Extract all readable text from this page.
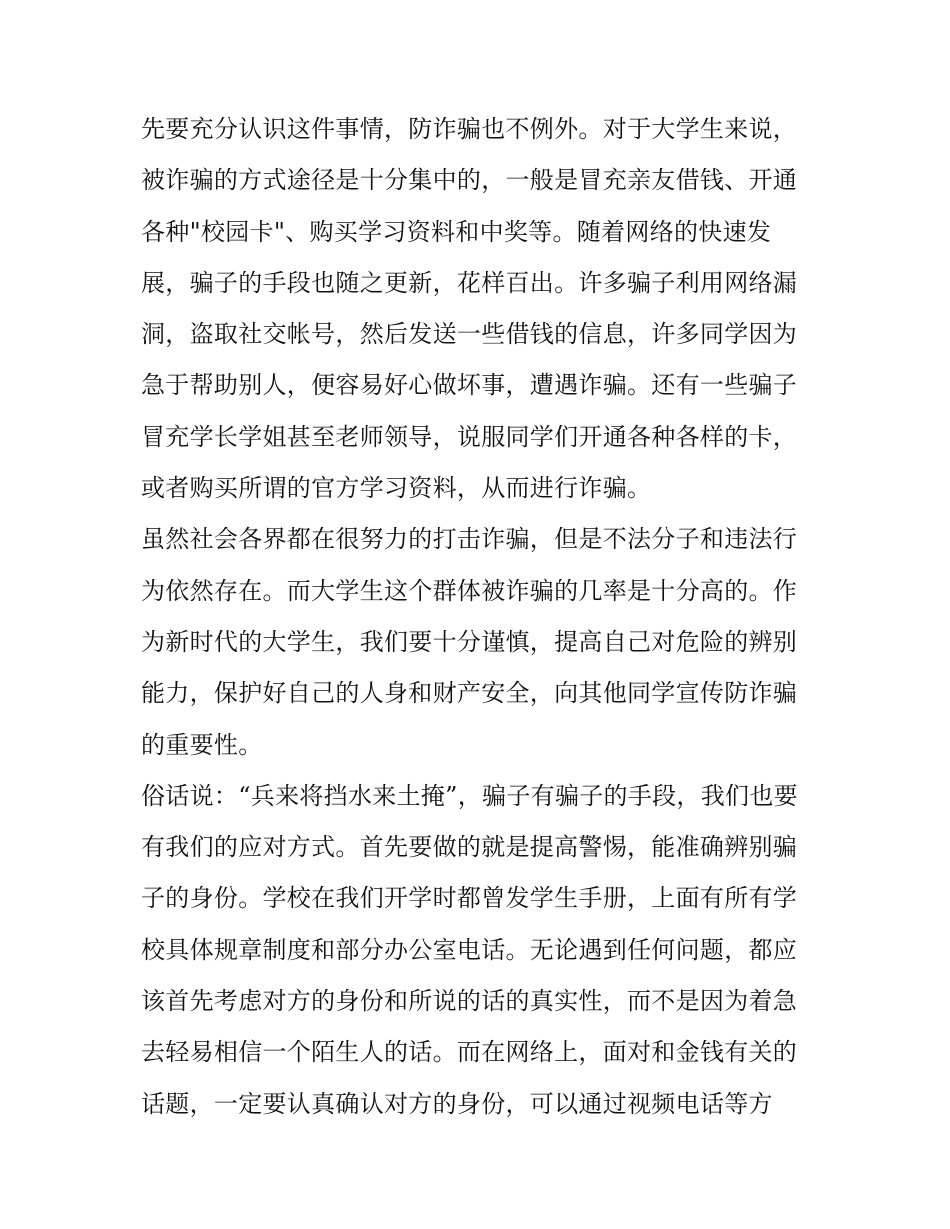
先要充分认识这件事情，防诈骗也不例外。对于大学生来说，
被诈骗的方式途径是十分集中的，一般是冒充亲友借钱、开通
各种"校园卡"、购买学习资料和中奖等。随着网络的快速发
展，骗子的手段也随之更新，花样百出。许多骗子利用网络漏
洞，盗取社交帐号，然后发送一些借钱的信息，许多同学因为
急于帮助别人，便容易好心做坏事，遭遇诈骗。还有一些骗子
冒充学长学姐甚至老师领导，说服同学们开通各种各样的卡，
或者购买所谓的官方学习资料，从而进行诈骗。
虽然社会各界都在很努力的打击诈骗，但是不法分子和违法行
为依然存在。而大学生这个群体被诈骗的几率是十分高的。作
为新时代的大学生，我们要十分谨慎，提高自己对危险的辨别
能力，保护好自己的人身和财产安全，向其他同学宣传防诈骗
的重要性。
俗话说：“兵来将挡水来土掩”，骗子有骗子的手段，我们也要
有我们的应对方式。首先要做的就是提高警惕，能准确辨别骗
子的身份。学校在我们开学时都曾发学生手册，上面有所有学
校具体规章制度和部分办公室电话。无论遇到任何问题，都应
该首先考虑对方的身份和所说的话的真实性，而不是因为着急
去轻易相信一个陌生人的话。而在网络上，面对和金钱有关的
话题，一定要认真确认对方的身份，可以通过视频电话等方
